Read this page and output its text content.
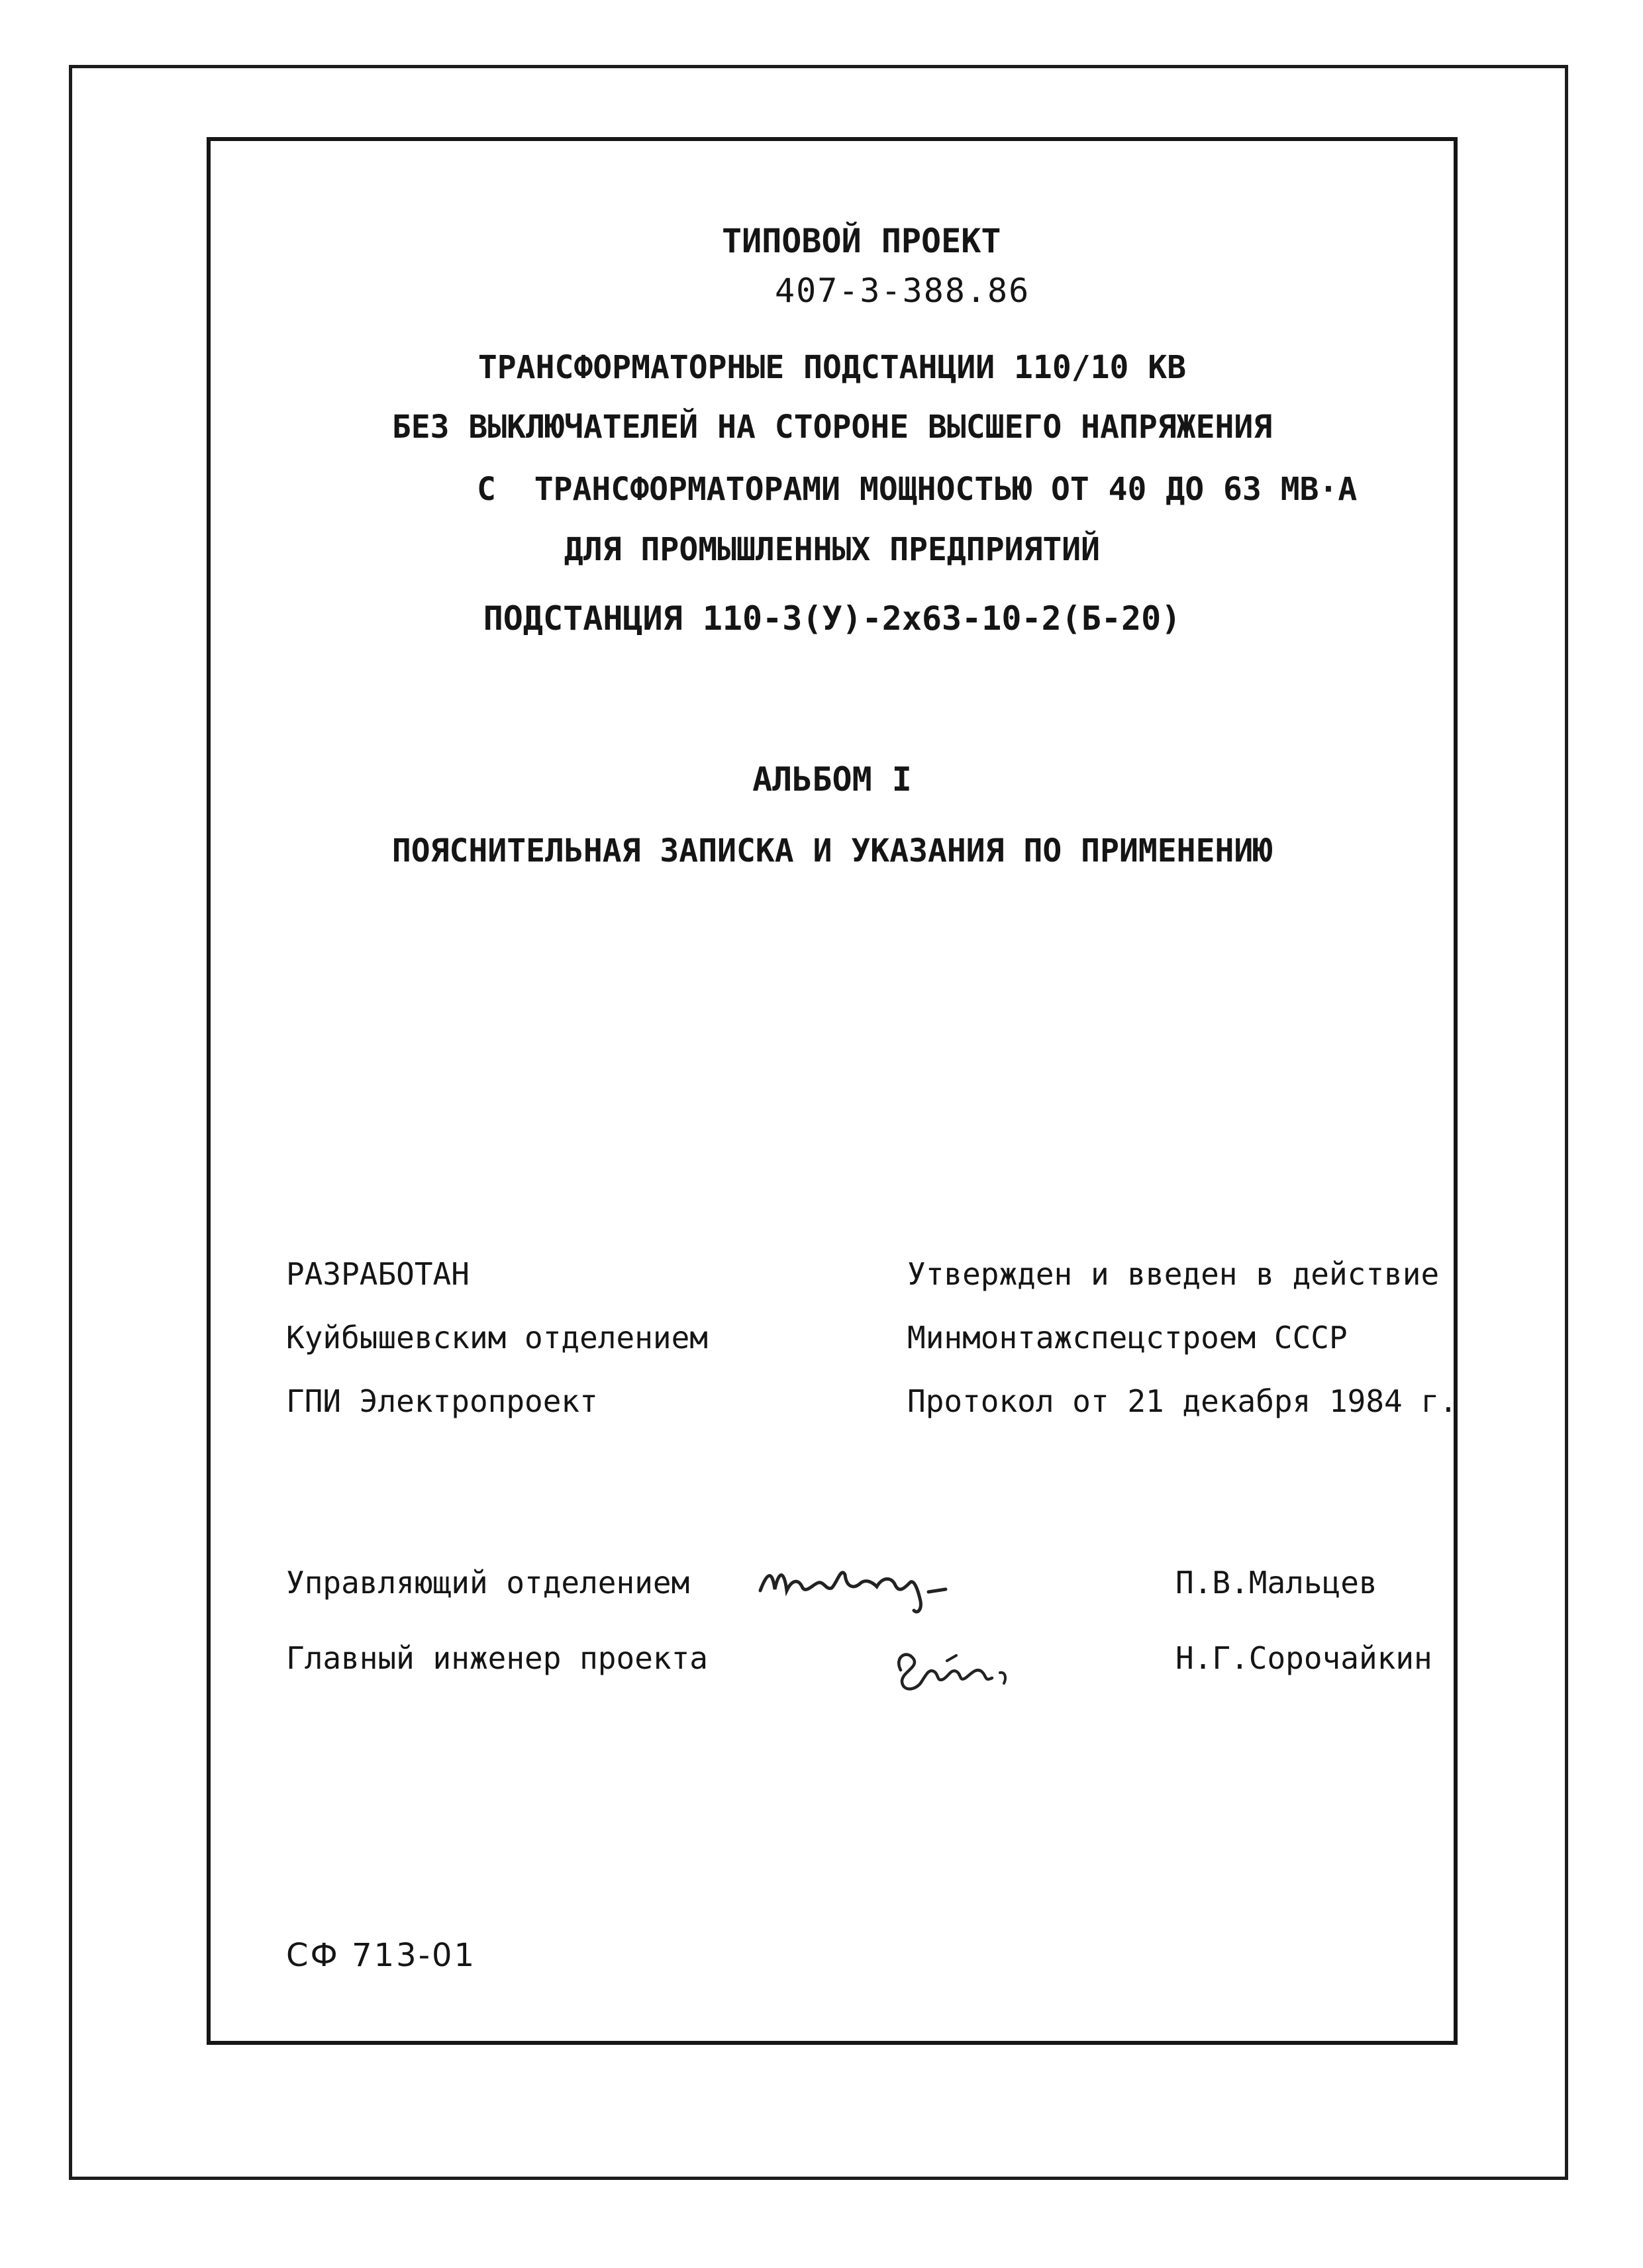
ТИПОВОЙ ПРОЕКТ
407-3-388.86
ТРАНСФОРМАТОРНЫЕ ПОДСТАНЦИИ 110/10 КВ
БЕЗ ВЫКЛЮЧАТЕЛЕЙ НА СТОРОНЕ ВЫСШЕГО НАПРЯЖЕНИЯ
С  ТРАНСФОРМАТОРАМИ МОЩНОСТЬЮ ОТ 40 ДО 63 МВ·А
ДЛЯ ПРОМЫШЛЕННЫХ ПРЕДПРИЯТИЙ
ПОДСТАНЦИЯ 110-3(У)-2х63-10-2(Б-20)
АЛЬБОМ I
ПОЯСНИТЕЛЬНАЯ ЗАПИСКА И УКАЗАНИЯ ПО ПРИМЕНЕНИЮ
РАЗРАБОТАН
Куйбышевским отделением
ГПИ Электропроект
Утвержден и введен в действие
Минмонтажспецстроем СССР
Протокол от 21 декабря 1984 г.
Управляющий отделением	П.В.Мальцев
Главный инженер проекта	Н.Г.Сорочайкин
СФ 713-01
